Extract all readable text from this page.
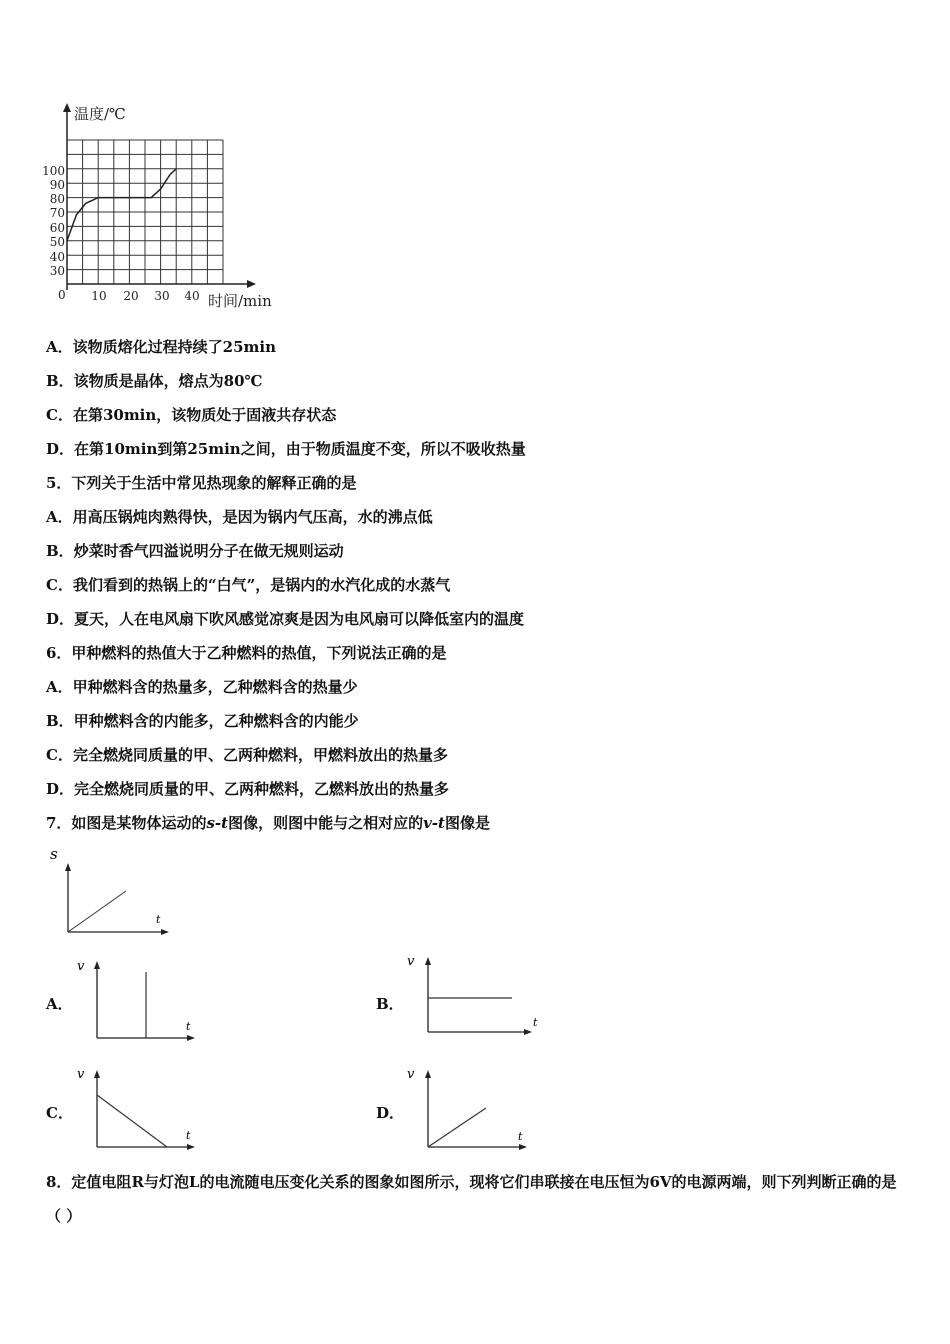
温度/℃
时间/min
0
100
90
80
70
60
50
40
30
10 20 30 40
A．该物质熔化过程持续了25min
B．该物质是晶体，熔点为80℃
C．在第30min，该物质处于固液共存状态
D．在第10min到第25min之间，由于物质温度不变，所以不吸收热量
5．下列关于生活中常见热现象的解释正确的是
A．用高压锅炖肉熟得快，是因为锅内气压高，水的沸点低
B．炒菜时香气四溢说明分子在做无规则运动
C．我们看到的热锅上的“白气”，是锅内的水汽化成的水蒸气
D．夏天，人在电风扇下吹风感觉凉爽是因为电风扇可以降低室内的温度
6．甲种燃料的热值大于乙种燃料的热值，下列说法正确的是
A．甲种燃料含的热量多，乙种燃料含的热量少
B．甲种燃料含的内能多，乙种燃料含的内能少
C．完全燃烧同质量的甲、乙两种燃料，甲燃料放出的热量多
D．完全燃烧同质量的甲、乙两种燃料，乙燃料放出的热量多
7．如图是某物体运动的s-t图像，则图中能与之相对应的v-t图像是
s
t
A．
v
t
B．
v
t
C．
v
t
D．
v
t
8．定值电阻R与灯泡L的电流随电压变化关系的图象如图所示，现将它们串联接在电压恒为6V的电源两端，则下列判断正确的是（ ）
